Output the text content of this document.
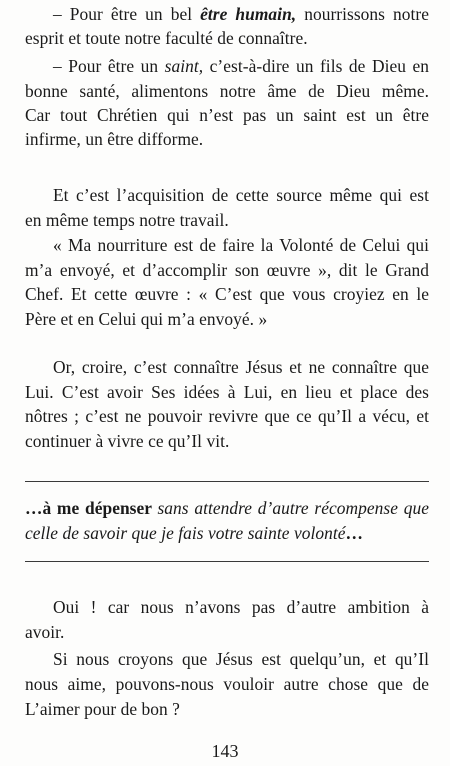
– Pour être un bel être humain, nourrissons notre
esprit et toute notre faculté de connaître.
– Pour être un saint, c’est-à-dire un fils de Dieu en
bonne santé, alimentons notre âme de Dieu même.
Car tout Chrétien qui n’est pas un saint est un être
infirme, un être difforme.
Et c’est l’acquisition de cette source même qui est
en même temps notre travail.
« Ma nourriture est de faire la Volonté de Celui qui
m’a envoyé, et d’accomplir son œuvre », dit le Grand
Chef. Et cette œuvre : « C’est que vous croyiez en le
Père et en Celui qui m’a envoyé. »
Or, croire, c’est connaître Jésus et ne connaître que
Lui. C’est avoir Ses idées à Lui, en lieu et place des
nôtres ; c’est ne pouvoir revivre que ce qu’Il a vécu, et
continuer à vivre ce qu’Il vit.
…à me dépenser sans attendre d’autre récompense que
celle de savoir que je fais votre sainte volonté…
Oui ! car nous n’avons pas d’autre ambition à
avoir.
Si nous croyons que Jésus est quelqu’un, et qu’Il
nous aime, pouvons-nous vouloir autre chose que de
L’aimer pour de bon ?
143
